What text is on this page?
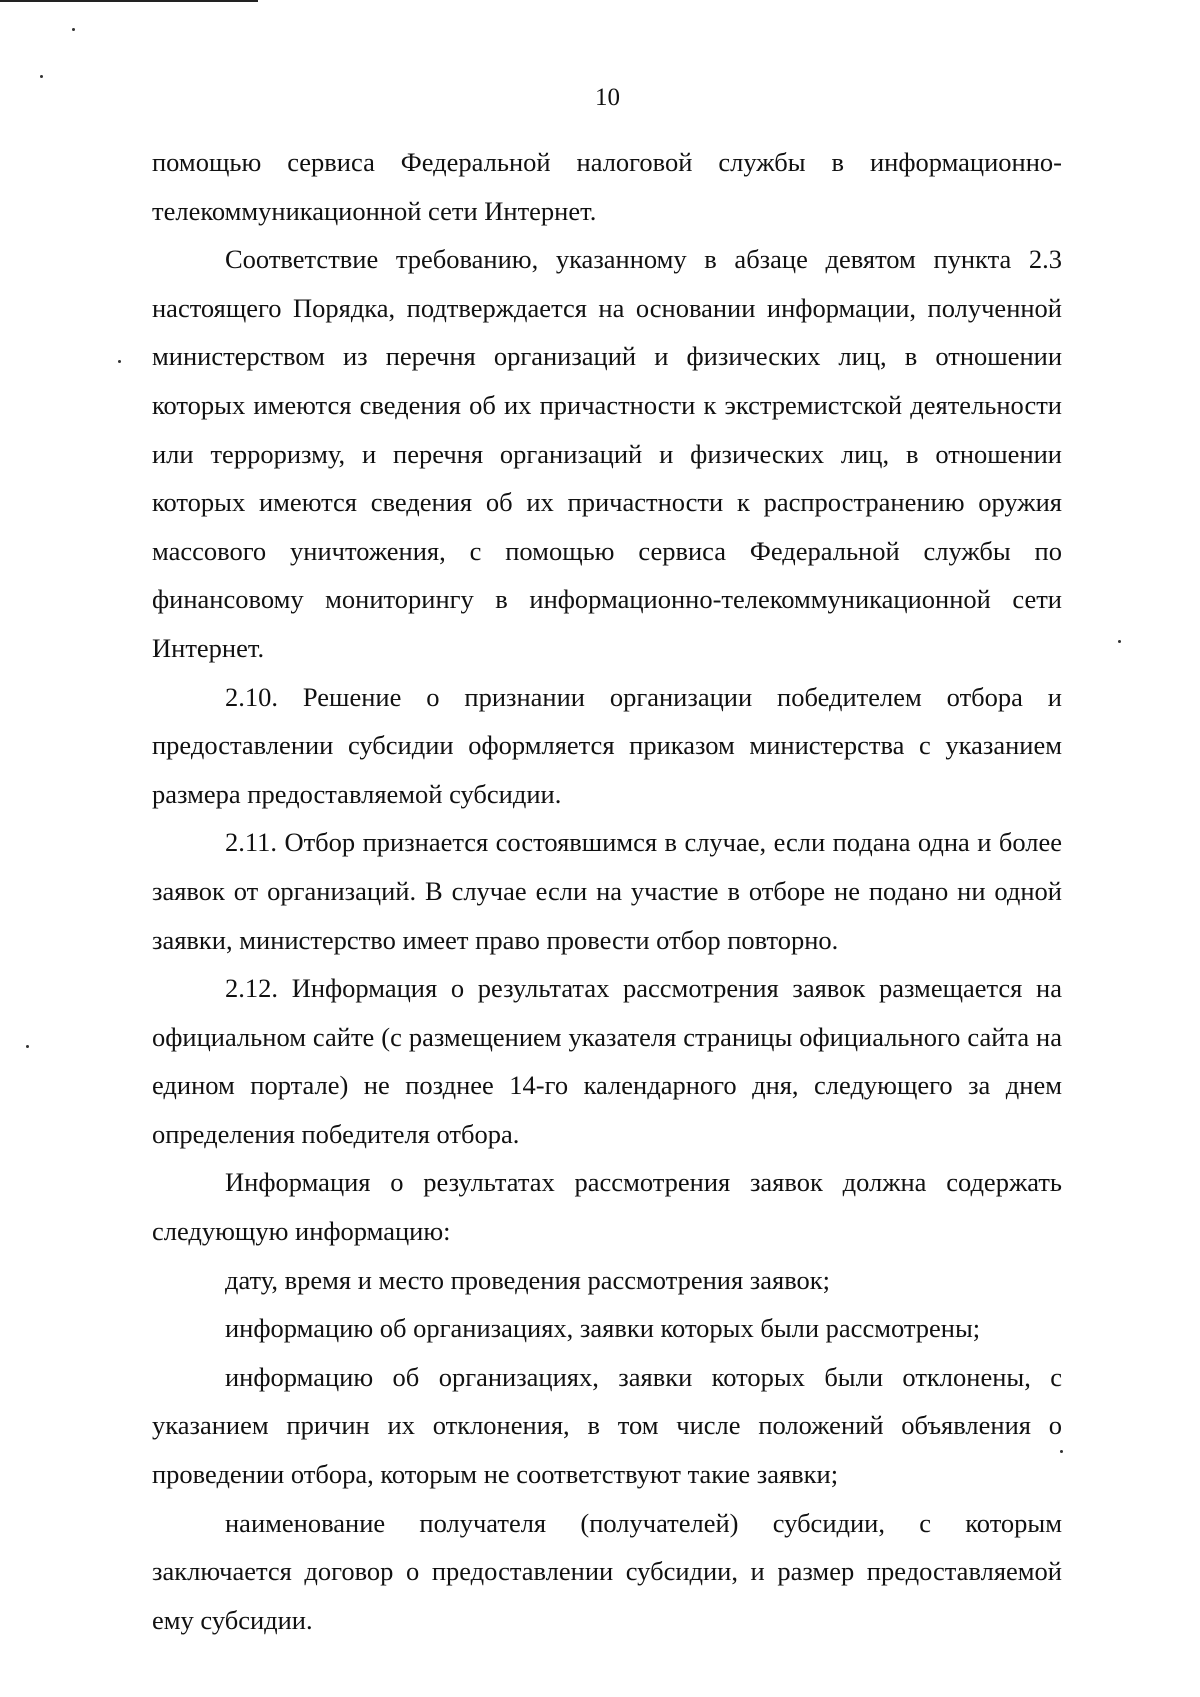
10

помощью сервиса Федеральной налоговой службы в информационно-телекоммуникационной сети Интернет.

Соответствие требованию, указанному в абзаце девятом пункта 2.3 настоящего Порядка, подтверждается на основании информации, полученной министерством из перечня организаций и физических лиц, в отношении которых имеются сведения об их причастности к экстремистской деятельности или терроризму, и перечня организаций и физических лиц, в отношении которых имеются сведения об их причастности к распространению оружия массового уничтожения, с помощью сервиса Федеральной службы по финансовому мониторингу в информационно-телекоммуникационной сети Интернет.

2.10. Решение о признании организации победителем отбора и предоставлении субсидии оформляется приказом министерства с указанием размера предоставляемой субсидии.

2.11. Отбор признается состоявшимся в случае, если подана одна и более заявок от организаций. В случае если на участие в отборе не подано ни одной заявки, министерство имеет право провести отбор повторно.

2.12. Информация о результатах рассмотрения заявок размещается на официальном сайте (с размещением указателя страницы официального сайта на едином портале) не позднее 14-го календарного дня, следующего за днем определения победителя отбора.

Информация о результатах рассмотрения заявок должна содержать следующую информацию:

дату, время и место проведения рассмотрения заявок;

информацию об организациях, заявки которых были рассмотрены;

информацию об организациях, заявки которых были отклонены, с указанием причин их отклонения, в том числе положений объявления о проведении отбора, которым не соответствуют такие заявки;

наименование получателя (получателей) субсидии, с которым заключается договор о предоставлении субсидии, и размер предоставляемой ему субсидии.
